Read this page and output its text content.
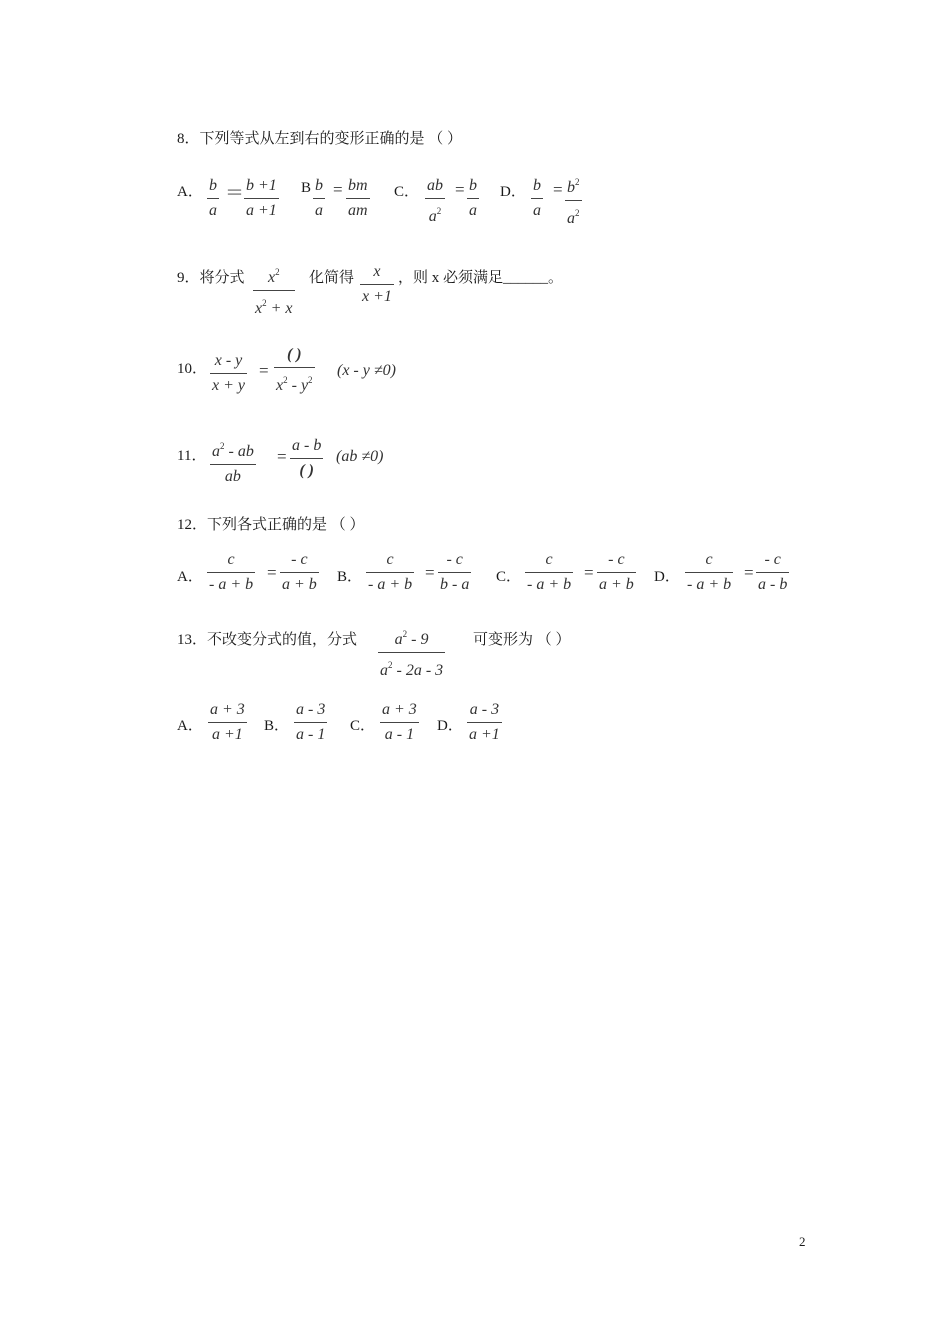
8．下列等式从左到右的变形正确的是 （ ）
A． b
a
＝ b +1
a +1
B b
a
= bm
am
C． ab
$a^2$
= b
a
D． b
a
= $b^2$
$a^2$
9．将分式 $x^2$
$x^2 + x$
化简得 x
x +1
，则 x 必须满足______。
10． x - y
x + y
=
( )
$x^2 - y^2$
(x - y ≠0)
11． $a^2$ - ab
ab
=
a - b
( )
(ab ≠0)
12．下列各式正确的是 （ ）
A．
c
- a + b
=
- c
a + b B．
c
- a + b
=
- c
b - a C．
c
- a + b
=
- c
a + b D．
c
- a + b
=
- c
a - b
13．不改变分式的值，分式 $a^2 - 9$
$a^2 - 2a - 3$
可变形为 （ ）
A．
a + 3
a +1 B．
a - 3
a - 1 C．
a + 3
a - 1 D．
a - 3
a +1
2
